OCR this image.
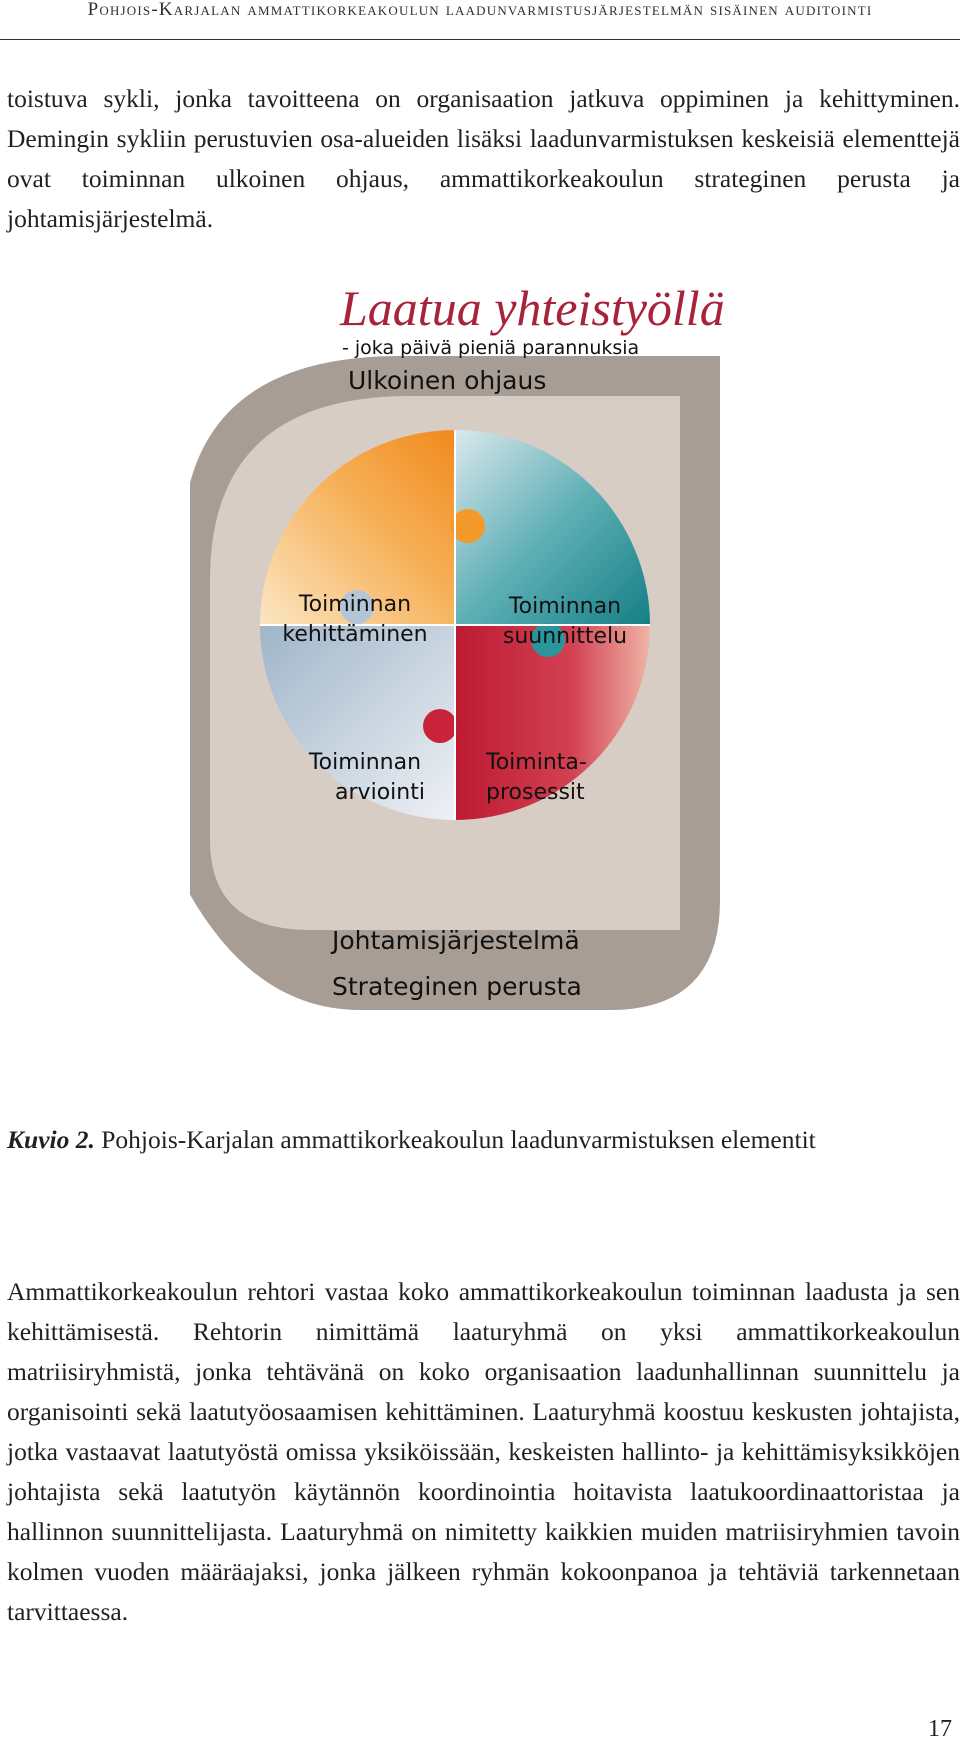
Pohjois-Karjalan ammattikorkeakoulun laadunvarmistusjärjestelmän sisäinen auditointi
toistuva sykli, jonka tavoitteena on organisaation jatkuva oppiminen ja kehittyminen. Demingin sykliin perustuvien osa-alueiden lisäksi laadunvarmistuksen keskeisiä elementtejä ovat toiminnan ulkoinen ohjaus, ammattikorkeakoulun strateginen perusta ja johtamisjärjestelmä.
Laatua yhteistyöllä
- joka päivä pieniä parannuksia
Ulkoinen ohjaus
Toiminnan
kehittäminen
Toiminnan
suunnittelu
Toiminnan
arviointi
Toiminta-
prosessit
Johtamisjärjestelmä
Strateginen perusta
Kuvio 2. Pohjois-Karjalan ammattikorkeakoulun laadunvarmistuksen elementit
Ammattikorkeakoulun rehtori vastaa koko ammattikorkeakoulun toiminnan laadusta ja sen kehittämisestä. Rehtorin nimittämä laaturyhmä on yksi ammattikorkeakoulun matriisiryhmistä, jonka tehtävänä on koko organisaation laadunhallinnan suunnittelu ja organisointi sekä laatutyöosaamisen kehittäminen. Laaturyhmä koostuu keskusten johtajista, jotka vastaavat laatutyöstä omissa yksiköissään, keskeisten hallinto- ja kehittämisyksikköjen johtajista sekä laatutyön käytännön koordinointia hoitavista laatukoordinaattoristaa ja hallinnon suunnittelijasta. Laaturyhmä on nimitetty kaikkien muiden matriisiryhmien tavoin kolmen vuoden määräajaksi, jonka jälkeen ryhmän kokoonpanoa ja tehtäviä tarkennetaan tarvittaessa.
17
